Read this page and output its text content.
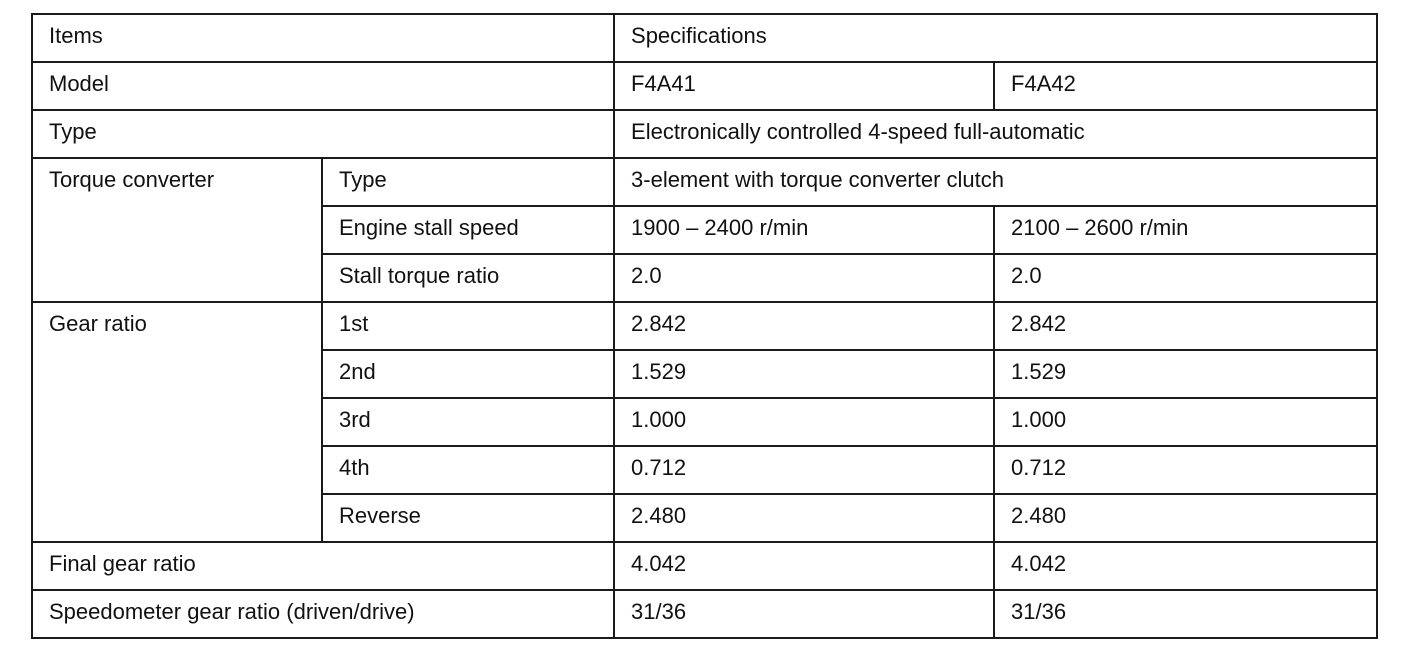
Items		Specifications	
Model		F4A41	F4A42
Type		Electronically controlled 4-speed full-automatic	
Torque converter	Type	3-element with torque converter clutch	
	Engine stall speed	1900 – 2400 r/min	2100 – 2600 r/min
	Stall torque ratio	2.0	2.0
Gear ratio	1st	2.842	2.842
	2nd	1.529	1.529
	3rd	1.000	1.000
	4th	0.712	0.712
	Reverse	2.480	2.480
Final gear ratio		4.042	4.042
Speedometer gear ratio (driven/drive)		31/36	31/36
